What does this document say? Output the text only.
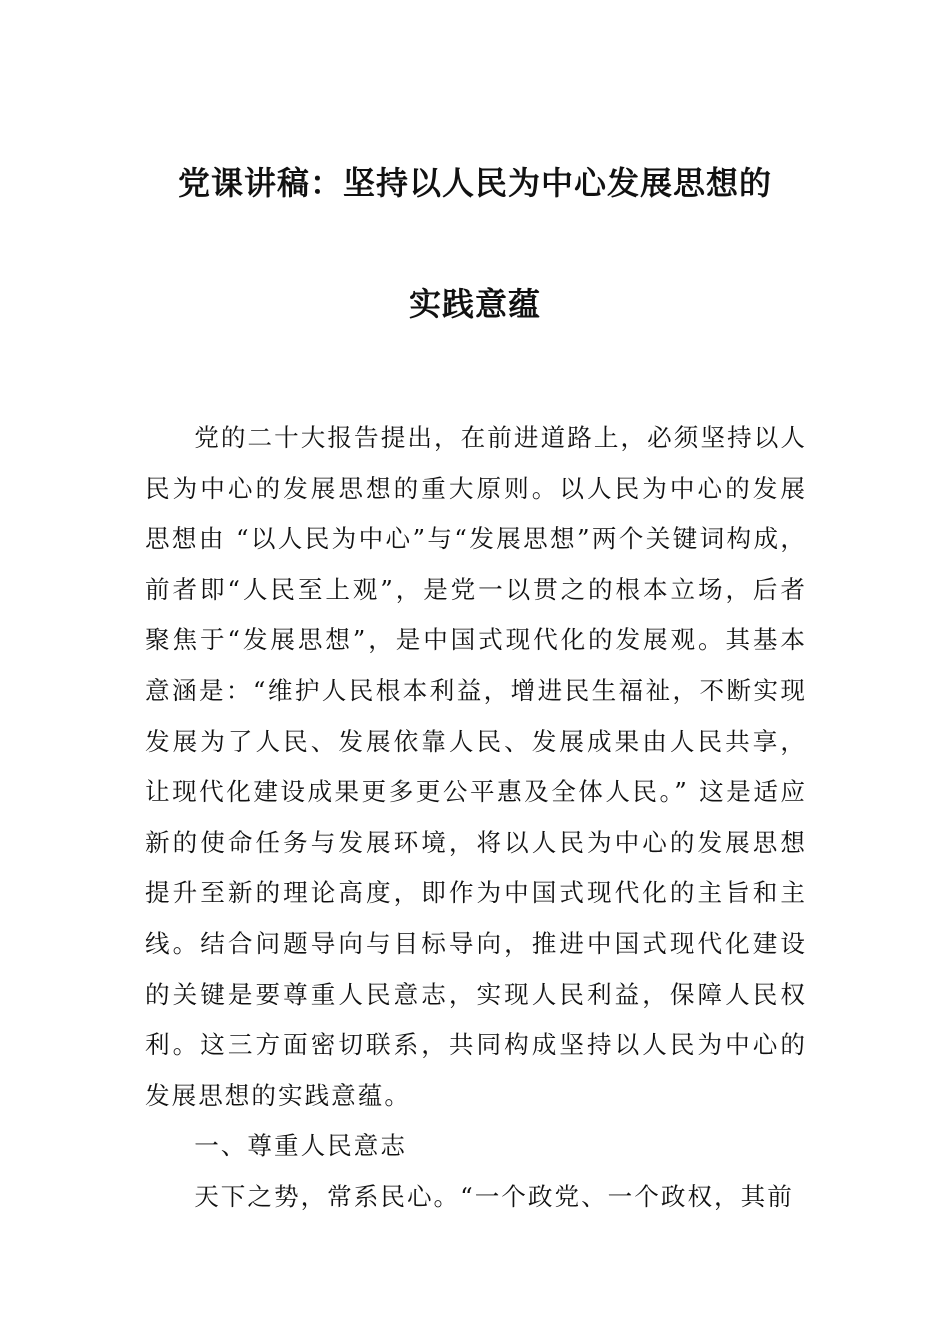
党课讲稿：坚持以人民为中心发展思想的
实践意蕴

党的二十大报告提出，在前进道路上，必须坚持以人民为中心的发展思想的重大原则。以人民为中心的发展思想由 “以人民为中心”与“发展思想”两个关键词构成，前者即“人民至上观”，是党一以贯之的根本立场，后者聚焦于“发展思想”，是中国式现代化的发展观。其基本意涵是：“维护人民根本利益，增进民生福祉，不断实现发展为了人民、发展依靠人民、发展成果由人民共享，让现代化建设成果更多更公平惠及全体人民。” 这是适应新的使命任务与发展环境，将以人民为中心的发展思想提升至新的理论高度，即作为中国式现代化的主旨和主线。结合问题导向与目标导向，推进中国式现代化建设的关键是要尊重人民意志，实现人民利益，保障人民权利。这三方面密切联系，共同构成坚持以人民为中心的发展思想的实践意蕴。

一、尊重人民意志

天下之势，常系民心。“一个政党、一个政权，其前
